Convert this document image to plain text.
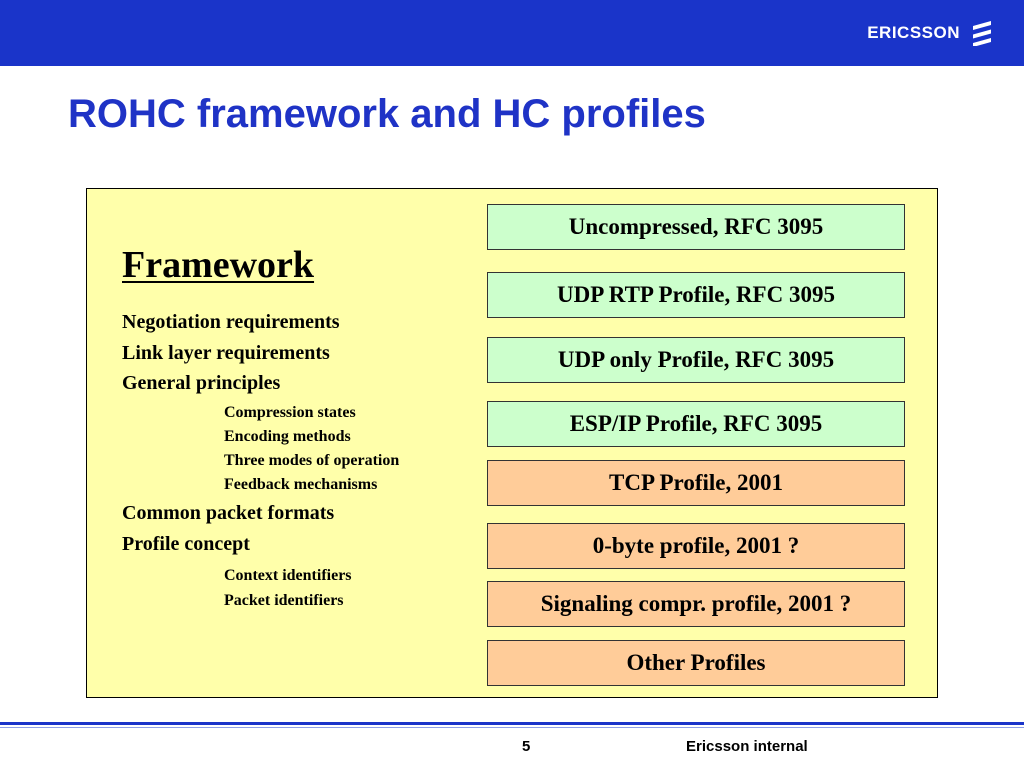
ERICSSON
ROHC framework and HC profiles
Framework
Negotiation requirements
Link layer requirements
General principles
Compression states
Encoding methods
Three modes of operation
Feedback mechanisms
Common packet formats
Profile concept
Context identifiers
Packet identifiers
Uncompressed, RFC 3095
UDP RTP Profile, RFC 3095
UDP only Profile, RFC 3095
ESP/IP Profile, RFC 3095
TCP Profile, 2001
0-byte profile, 2001 ?
Signaling compr. profile, 2001 ?
Other Profiles
5	Ericsson internal
